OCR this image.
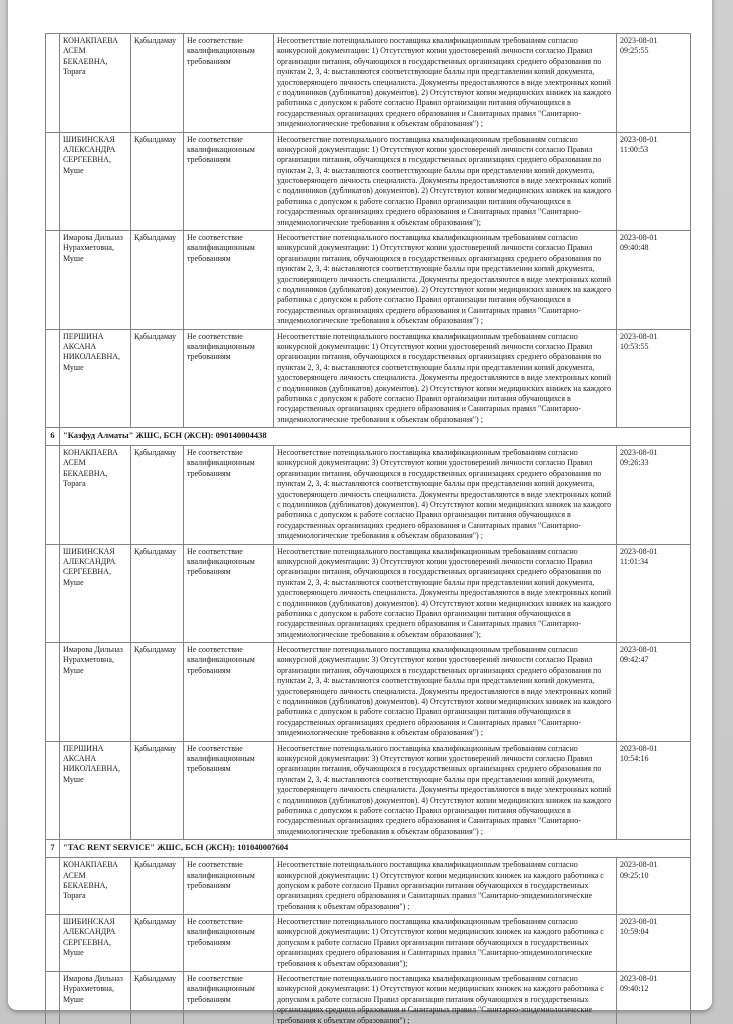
	КОНАКПАЕВА АСЕМ БЕКАЕВНА, Торага	Қабылдамау	Не соответствие квалификационным требованиям	Несоответствие потенциального поставщика квалификационным требованиям согласно конкурсной документации: 1) Отсутствуют копии удостоверений личности согласно Правил организации питания, обучающихся в государственных организациях среднего образования по пунктам 2, 3, 4: выставляются соответствующие баллы при представлении копий документа, удостоверяющего личность специалиста. Документы предоставляются в виде электронных копий с подлинников (дубликатов) документов). 2) Отсутствуют копии медицинских книжек на каждого работника с допуском к работе согласно Правил организации питания обучающихся в государственных организациях среднего образования и Санитарных правил "Санитарно-эпидемиологические требования к объектам образования") ;	2023-08-01
09:25:55

	ШИБИНСКАЯ АЛЕКСАНДРА СЕРГЕЕВНА, Муше	Қабылдамау	Не соответствие квалификационным требованиям	Несоответствие потенциального поставщика квалификационным требованиям согласно конкурсной документации: 1) Отсутствуют копии удостоверений личности согласно Правил организации питания, обучающихся в государственных организациях среднего образования по пунктам 2, 3, 4: выставляются соответствующие баллы при представлении копий документа, удостоверяющего личность специалиста. Документы предоставляются в виде электронных копий с подлинников (дубликатов) документов). 2) Отсутствуют копии медицинских книжек на каждого работника с допуском к работе согласно Правил организации питания обучающихся в государственных организациях среднего образования и Санитарных правил "Санитарно-эпидемиологические требования к объектам образования");	2023-08-01
11:00:53

	Имарова Дильназ Нурахметовна, Муше	Қабылдамау	Не соответствие квалификационным требованиям	Несоответствие потенциального поставщика квалификационным требованиям согласно конкурсной документации: 1) Отсутствуют копии удостоверений личности согласно Правил организации питания, обучающихся в государственных организациях среднего образования по пунктам 2, 3, 4: выставляются соответствующие баллы при представлении копий документа, удостоверяющего личность специалиста. Документы предоставляются в виде электронных копий с подлинников (дубликатов) документов). 2) Отсутствуют копии медицинских книжек на каждого работника с допуском к работе согласно Правил организации питания обучающихся в государственных организациях среднего образования и Санитарных правил "Санитарно-эпидемиологические требования к объектам образования") ;	2023-08-01
09:40:48

	ПЕРШИНА АКСАНА НИКОЛАЕВНА, Муше	Қабылдамау	Не соответствие квалификационным требованиям	Несоответствие потенциального поставщика квалификационным требованиям согласно конкурсной документации: 1) Отсутствуют копии удостоверений личности согласно Правил организации питания, обучающихся в государственных организациях среднего образования по пунктам 2, 3, 4: выставляются соответствующие баллы при представлении копий документа, удостоверяющего личность специалиста. Документы предоставляются в виде электронных копий с подлинников (дубликатов) документов). 2) Отсутствуют копии медицинских книжек на каждого работника с допуском к работе согласно Правил организации питания обучающихся в государственных организациях среднего образования и Санитарных правил "Санитарно-эпидемиологические требования к объектам образования") ;	2023-08-01
10:53:55

6	"Казфуд Алматы" ЖШС, БСН (ЖСН): 090140004438				
	КОНАКПАЕВА АСЕМ БЕКАЕВНА, Торага	Қабылдамау	Не соответствие квалификационным требованиям	Несоответствие потенциального поставщика квалификационным требованиям согласно конкурсной документации: 3) Отсутствуют копии удостоверений личности согласно Правил организации питания, обучающихся в государственных организациях среднего образования по пунктам 2, 3, 4: выставляются соответствующие баллы при представлении копий документа, удостоверяющего личность специалиста. Документы предоставляются в виде электронных копий с подлинников (дубликатов) документов). 4) Отсутствуют копии медицинских книжек на каждого работника с допуском к работе согласно Правил организации питания обучающихся в государственных организациях среднего образования и Санитарных правил "Санитарно-эпидемиологические требования к объектам образования") ;	2023-08-01
09:26:33

	ШИБИНСКАЯ АЛЕКСАНДРА СЕРГЕЕВНА, Муше	Қабылдамау	Не соответствие квалификационным требованиям	Несоответствие потенциального поставщика квалификационным требованиям согласно конкурсной документации: 3) Отсутствуют копии удостоверений личности согласно Правил организации питания, обучающихся в государственных организациях среднего образования по пунктам 2, 3, 4: выставляются соответствующие баллы при представлении копий документа, удостоверяющего личность специалиста. Документы предоставляются в виде электронных копий с подлинников (дубликатов) документов). 4) Отсутствуют копии медицинских книжек на каждого работника с допуском к работе согласно Правил организации питания обучающихся в государственных организациях среднего образования и Санитарных правил "Санитарно-эпидемиологические требования к объектам образования");	2023-08-01
11:01:34

	Имарова Дильназ Нурахметовна, Муше	Қабылдамау	Не соответствие квалификационным требованиям	Несоответствие потенциального поставщика квалификационным требованиям согласно конкурсной документации: 3) Отсутствуют копии удостоверений личности согласно Правил организации питания, обучающихся в государственных организациях среднего образования по пунктам 2, 3, 4: выставляются соответствующие баллы при представлении копий документа, удостоверяющего личность специалиста. Документы предоставляются в виде электронных копий с подлинников (дубликатов) документов). 4) Отсутствуют копии медицинских книжек на каждого работника с допуском к работе согласно Правил организации питания обучающихся в государственных организациях среднего образования и Санитарных правил "Санитарно-эпидемиологические требования к объектам образования") ;	2023-08-01
09:42:47

	ПЕРШИНА АКСАНА НИКОЛАЕВНА, Муше	Қабылдамау	Не соответствие квалификационным требованиям	Несоответствие потенциального поставщика квалификационным требованиям согласно конкурсной документации: 3) Отсутствуют копии удостоверений личности согласно Правил организации питания, обучающихся в государственных организациях среднего образования по пунктам 2, 3, 4: выставляются соответствующие баллы при представлении копий документа, удостоверяющего личность специалиста. Документы предоставляются в виде электронных копий с подлинников (дубликатов) документов). 4) Отсутствуют копии медицинских книжек на каждого работника с допуском к работе согласно Правил организации питания обучающихся в государственных организациях среднего образования и Санитарных правил "Санитарно-эпидемиологические требования к объектам образования") ;	2023-08-01
10:54:16

7	"TAC RENT SERVICE" ЖШС, БСН (ЖСН): 101040007604				
	КОНАКПАЕВА АСЕМ БЕКАЕВНА, Торага	Қабылдамау	Не соответствие квалификационным требованиям	Несоответствие потенциального поставщика квалификационным требованиям согласно конкурсной документации: 1) Отсутствуют копии медицинских книжек на каждого работника с допуском к работе согласно Правил организации питания обучающихся в государственных организациях среднего образования и Санитарных правил "Санитарно-эпидемиологические требования к объектам образования") ;	2023-08-01
09:25:10

	ШИБИНСКАЯ АЛЕКСАНДРА СЕРГЕЕВНА, Муше	Қабылдамау	Не соответствие квалификационным требованиям	Несоответствие потенциального поставщика квалификационным требованиям согласно конкурсной документации: 1) Отсутствуют копии медицинских книжек на каждого работника с допуском к работе согласно Правил организации питания обучающихся в государственных организациях среднего образования и Санитарных правил "Санитарно-эпидемиологические требования к объектам образования");	2023-08-01
10:59:04

	Имарова Дильназ Нурахметовна, Муше	Қабылдамау	Не соответствие квалификационным требованиям	Несоответствие потенциального поставщика квалификационным требованиям согласно конкурсной документации: 1) Отсутствуют копии медицинских книжек на каждого работника с допуском к работе согласно Правил организации питания обучающихся в государственных организациях среднего образования и Санитарных правил "Санитарно-эпидемиологические требования к объектам образования") ;	2023-08-01
09:40:12
